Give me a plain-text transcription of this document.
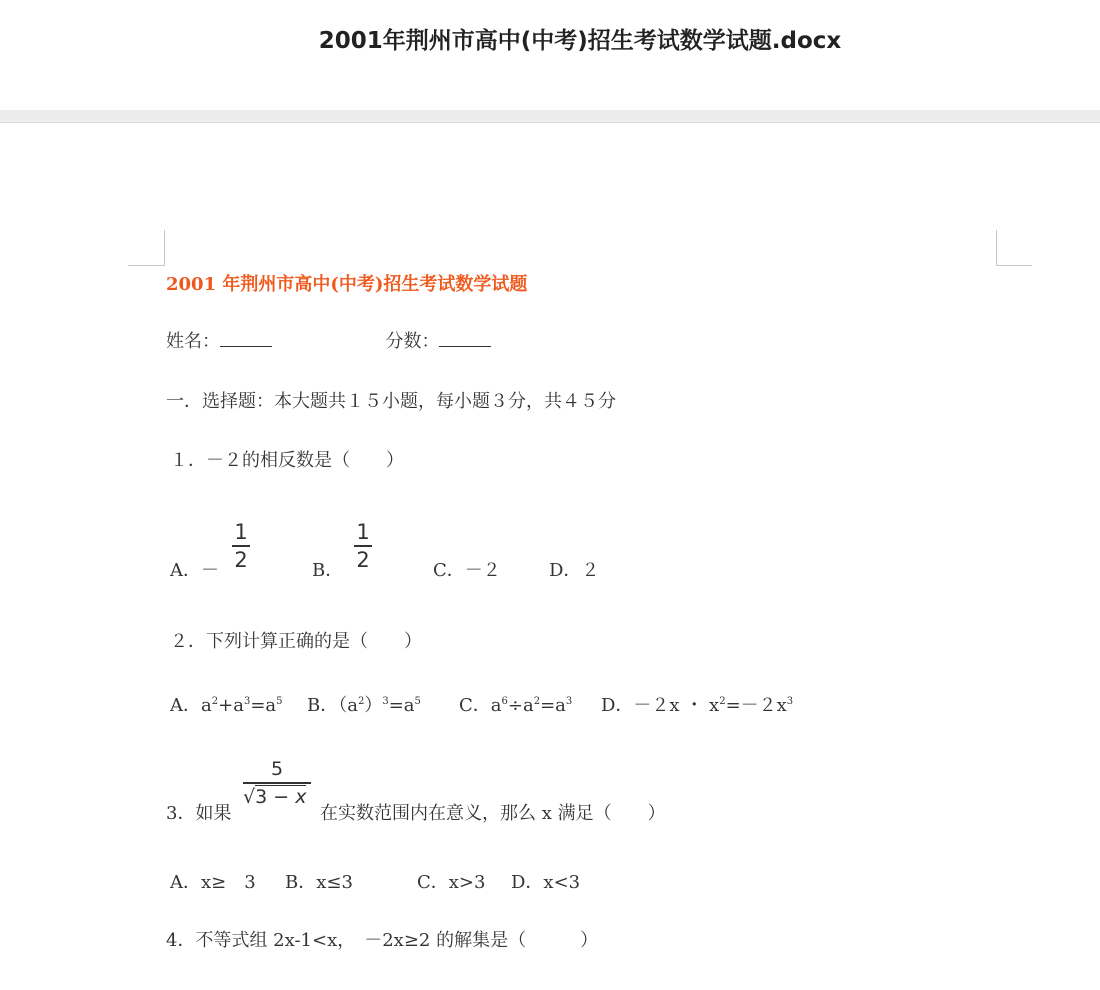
2001年荆州市高中(中考)招生考试数学试题.docx
2001 年荆州市高中(中考)招生考试数学试题
姓名：	分数：
一．选择题：本大题共１５小题，每小题３分，共４５分
１．－２的相反数是（　　）
A．－
1
2	B．
1
2	C．－２	D．２
２．下列计算正确的是（　　）
A．$a^2+a^3=a^5$ B．$(a^2)^3=a^5$ C．$a^6\div a^2=a^3$ D．－２x ・ $x^2=-2x^3$
3．如果
5
√3 − x
在实数范围内在意义，那么 x 满足（　　）
A．x≥　3 B．x≤3	C．x>3 D．x<3
4．不等式组 2x-1<x，　－2x≥2 的解集是（　　　）
